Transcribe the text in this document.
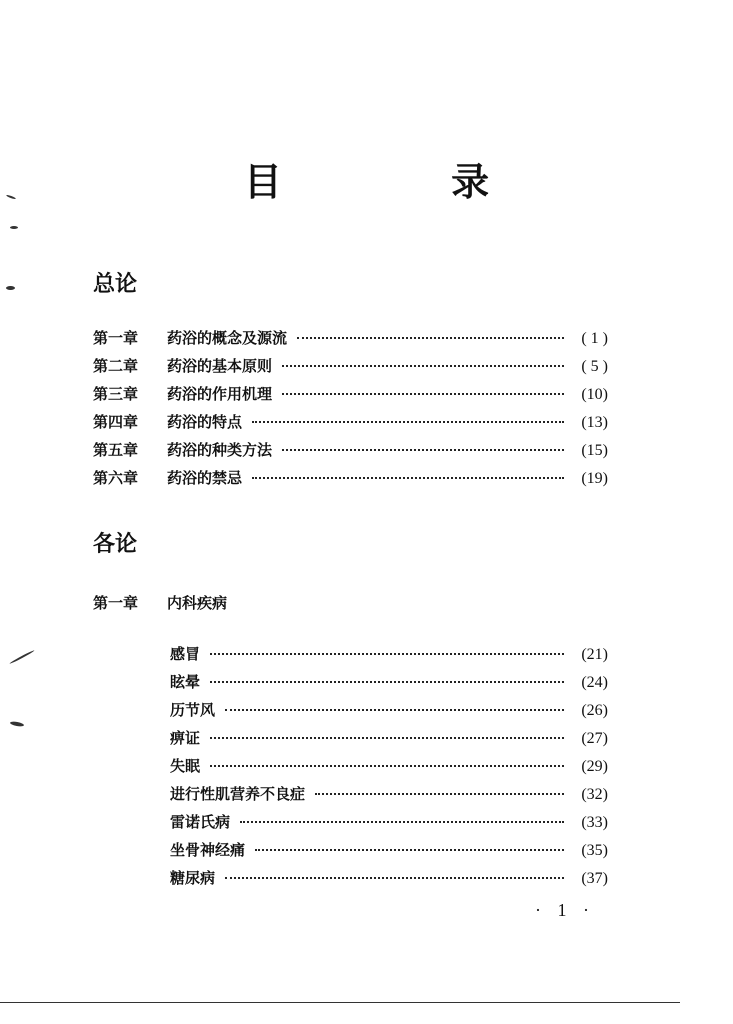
目 录
总论
第一章	药浴的概念及源流	( 1 )
第二章	药浴的基本原则	( 5 )
第三章	药浴的作用机理	(10)
第四章	药浴的特点	(13)
第五章	药浴的种类方法	(15)
第六章	药浴的禁忌	(19)
各论
第一章 内科疾病
感冒	(21)
眩晕	(24)
历节风	(26)
痹证	(27)
失眠	(29)
进行性肌营养不良症	(32)
雷诺氏病	(33)
坐骨神经痛	(35)
糖尿病	(37)
· 1 ·
